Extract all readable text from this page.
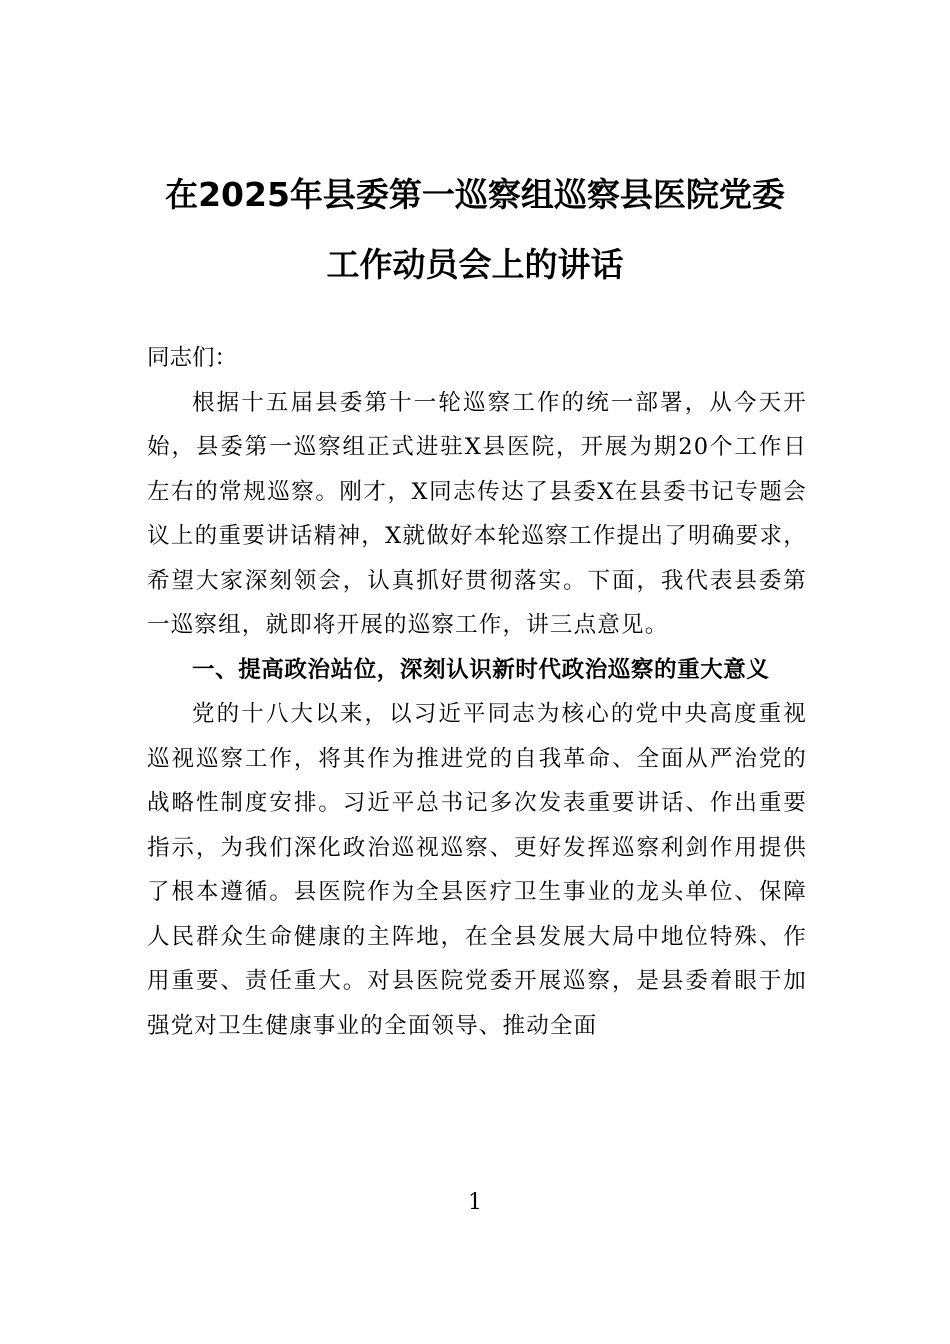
在2025年县委第一巡察组巡察县医院党委
工作动员会上的讲话

同志们：

根据十五届县委第十一轮巡察工作的统一部署，从今天开始，县委第一巡察组正式进驻X县医院，开展为期20个工作日左右的常规巡察。刚才，X同志传达了县委X在县委书记专题会议上的重要讲话精神，X就做好本轮巡察工作提出了明确要求，希望大家深刻领会，认真抓好贯彻落实。下面，我代表县委第一巡察组，就即将开展的巡察工作，讲三点意见。

一、提高政治站位，深刻认识新时代政治巡察的重大意义

党的十八大以来，以习近平同志为核心的党中央高度重视巡视巡察工作，将其作为推进党的自我革命、全面从严治党的战略性制度安排。习近平总书记多次发表重要讲话、作出重要指示，为我们深化政治巡视巡察、更好发挥巡察利剑作用提供了根本遵循。县医院作为全县医疗卫生事业的龙头单位、保障人民群众生命健康的主阵地，在全县发展大局中地位特殊、作用重要、责任重大。对县医院党委开展巡察，是县委着眼于加强党对卫生健康事业的全面领导、推动全面

1
